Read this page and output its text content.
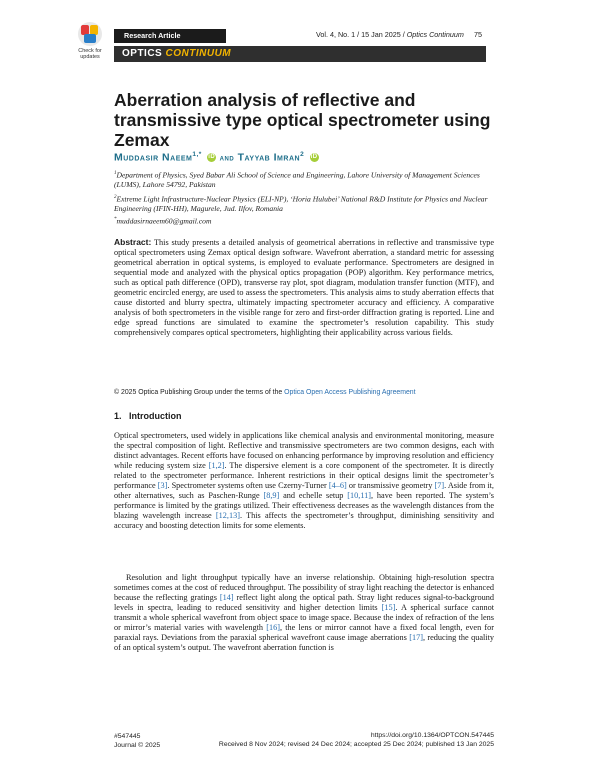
Check for updates
Research Article	Vol. 4, No. 1 / 15 Jan 2025 / Optics Continuum 75
OPTICS CONTINUUM
Aberration analysis of reflective and transmissive type optical spectrometer using Zemax
Muddasir Naeem$^{1,*}$ iD and Tayyab Imran$^2$ iD
$^1$Department of Physics, Syed Babar Ali School of Science and Engineering, Lahore University of Management Sciences (LUMS), Lahore 54792, Pakistan
$^2$Extreme Light Infrastructure-Nuclear Physics (ELI-NP), ‘Horia Hulubei’ National R&D Institute for Physics and Nuclear Engineering (IFIN-HH), Magurele, Jud. Ilfov, Romania
*muddasirnaeem60@gmail.com
Abstract: This study presents a detailed analysis of geometrical aberrations in reflective and transmissive type optical spectrometers using Zemax optical design software. Wavefront aberration, a standard metric for assessing geometrical aberration in optical systems, is employed to evaluate performance. Spectrometers are designed in sequential mode and analyzed with the physical optics propagation (POP) algorithm. Key performance metrics, such as optical path difference (OPD), transverse ray plot, spot diagram, modulation transfer function (MTF), and geometric encircled energy, are used to assess the spectrometers. This analysis aims to study aberration effects that cause distorted and blurry spectra, ultimately impacting spectrometer accuracy and efficiency. A comparative analysis of both spectrometers in the visible range for zero and first-order diffraction grating is reported. Line and edge spread functions are simulated to examine the spectrometer’s resolution capability. This study comprehensively compares optical spectrometers, highlighting their applicability across various fields.
© 2025 Optica Publishing Group under the terms of the Optica Open Access Publishing Agreement
1. Introduction
Optical spectrometers, used widely in applications like chemical analysis and environmental monitoring, measure the spectral composition of light. Reflective and transmissive spectrometers are two common designs, each with distinct advantages. Recent efforts have focused on enhancing performance by improving resolution and efficiency while reducing system size [1,2]. The dispersive element is a core component of the spectrometer. It is directly related to the spectrometer performance. Inherent restrictions in their optical designs limit the spectrometer’s performance [3]. Spectrometer systems often use Czerny-Turner [4–6] or transmissive geometry [7]. Aside from it, other alternatives, such as Paschen-Runge [8,9] and echelle setup [10,11], have been reported. The system’s performance is limited by the gratings utilized. Their effectiveness decreases as the wavelength distances from the blazing wavelength increase [12,13]. This affects the spectrometer’s throughput, diminishing sensitivity and accuracy and boosting detection limits for some elements.
Resolution and light throughput typically have an inverse relationship. Obtaining high-resolution spectra sometimes comes at the cost of reduced throughput. The possibility of stray light reaching the detector is enhanced because the reflecting gratings [14] reflect light along the optical path. Stray light reduces signal-to-background levels in spectra, leading to reduced sensitivity and higher detection limits [15]. A spherical surface cannot transmit a whole spherical wavefront from object space to image space. Because the index of refraction of the lens or mirror’s material varies with wavelength [16], the lens or mirror cannot have a fixed focal length, even for paraxial rays. Deviations from the paraxial spherical wavefront cause image aberrations [17], reducing the quality of an optical system’s output. The wavefront aberration function is
#547445
Journal © 2025
https://doi.org/10.1364/OPTCON.547445
Received 8 Nov 2024; revised 24 Dec 2024; accepted 25 Dec 2024; published 13 Jan 2025
